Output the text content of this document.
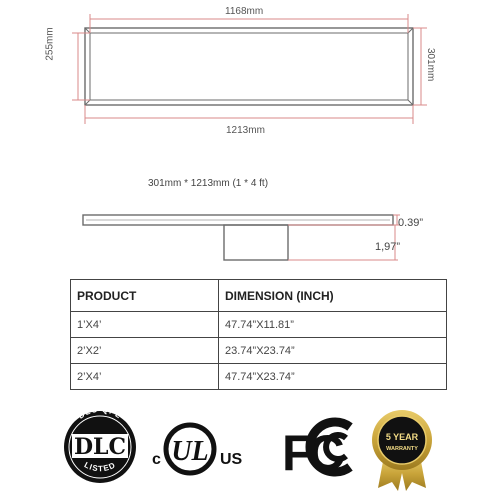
1168mm
1213mm
255mm
301mm
301mm * 1213mm (1 * 4 ft)
0.39”
1,97”
PRODUCT	DIMENSION (INCH)
1’X4’	47.74”X11.81”
2’X2’	23.74”X23.74”
2’X4’	47.74”X23.74”
DLC QPL
DLC
LISTED c UL US FC	5 YEAR
WARRANTY
